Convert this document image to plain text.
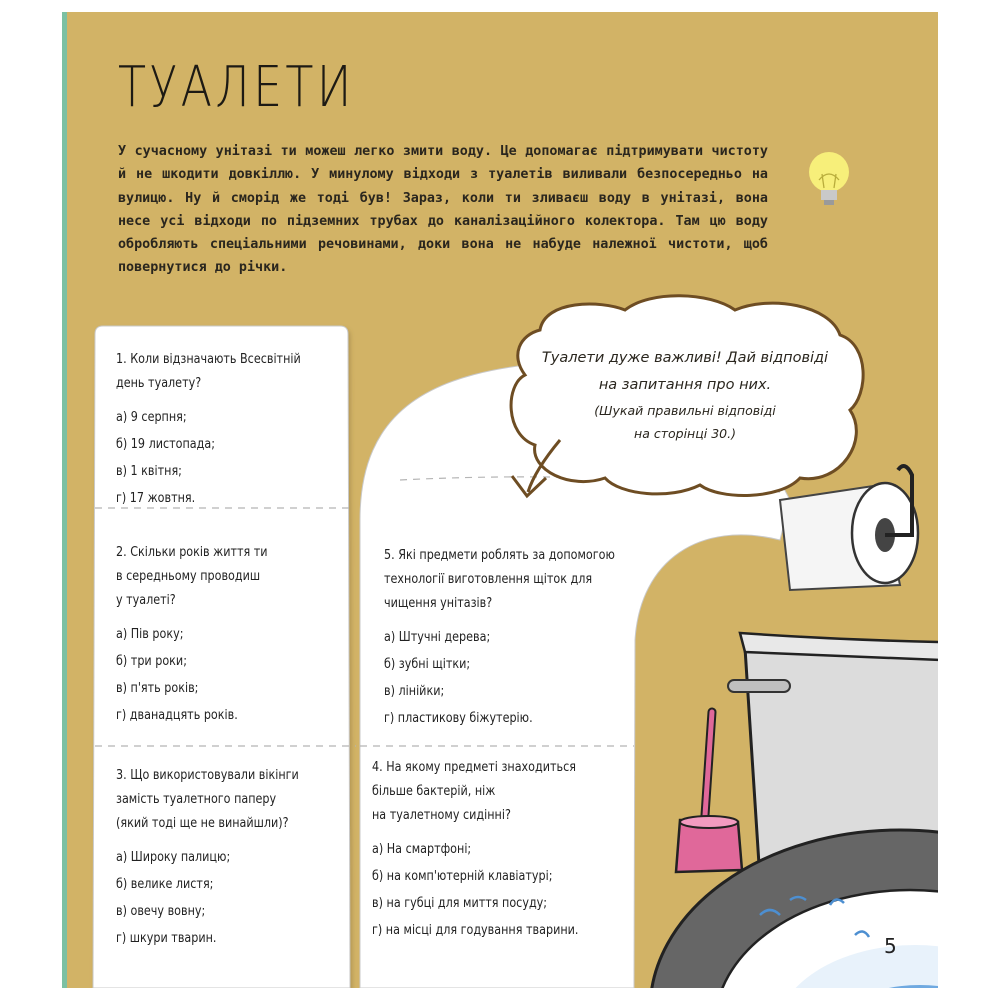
ТУАЛЕТИ

У сучасному унітазі ти можеш легко змити воду. Це допомагає підтримувати чистоту й не шкодити довкіллю. У минулому відходи з туалетів виливали безпосередньо на вулицю. Ну й сморід же тоді був! Зараз, коли ти зливаєш воду в унітазі, вона несе усі відходи по підземних трубах до каналізаційного колектора. Там цю воду обробляють спеціальними речовинами, доки вона не набуде належної чистоти, щоб повернутися до річки.

Туалети дуже важливі! Дай відповіді
на запитання про них.
(Шукай правильні відповіді
на сторінці 30.)
1. Коли відзначають Всесвітній
день туалету?
а) 9 серпня;
б) 19 листопада;
в) 1 квітня;
г) 17 жовтня.
2. Скільки років життя ти
в середньому проводиш
у туалеті?
а) Пів року;
б) три роки;
в) п'ять років;
г) дванадцять років.
3. Що використовували вікінги
замість туалетного паперу
(який тоді ще не винайшли)?
а) Широку палицю;
б) велике листя;
в) овечу вовну;
г) шкури тварин.
5. Які предмети роблять за допомогою
технології виготовлення щіток для
чищення унітазів?
а) Штучні дерева;
б) зубні щітки;
в) лінійки;
г) пластикову біжутерію.
4. На якому предметі знаходиться
більше бактерій, ніж
на туалетному сидінні?
а) На смартфоні;
б) на комп'ютерній клавіатурі;
в) на губці для миття посуду;
г) на місці для годування тварини.
5
